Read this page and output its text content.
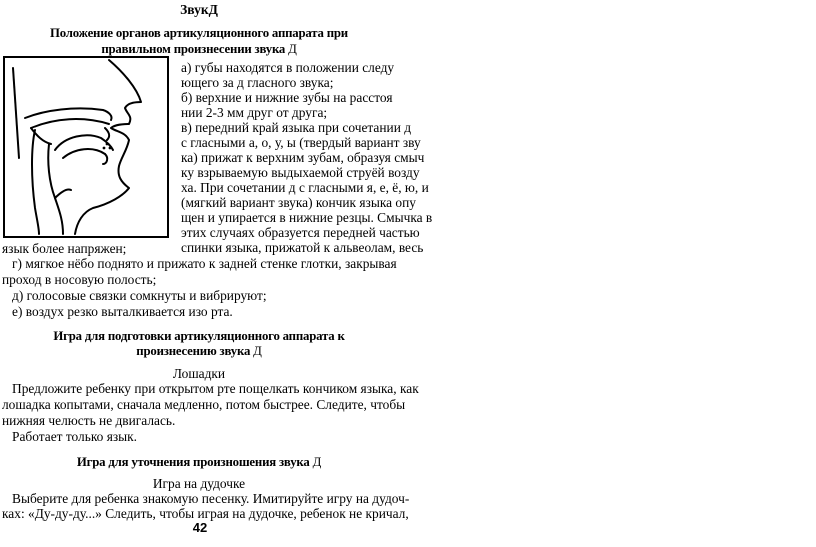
ЗвукД
Положение органов артикуляционного аппарата при
правильном произнесении звука Д
а) губы находятся в положении следу
ющего за д гласного звука;
б) верхние и нижние зубы на расстоя
нии 2-3 мм друг от друга;
в) передний край языка при сочетании д
с гласными а, о, у, ы (твердый вариант зву
ка) прижат к верхним зубам, образуя смыч
ку взрываемую выдыхаемой струёй возду
ха. При сочетании д с гласными я, е, ё, ю, и
(мягкий вариант звука) кончик языка опу
щен и упирается в нижние резцы. Смычка в
этих случаях образуется передней частью
спинки языка, прижатой к альвеолам, весь
язык более напряжен;
г) мягкое нёбо поднято и прижато к задней стенке глотки, закрывая
проход в носовую полость;
д) голосовые связки сомкнуты и вибрируют;
е) воздух резко выталкивается изо рта.
Игра для подготовки артикуляционного аппарата к
произнесению звука Д
Лошадки
Предложите ребенку при открытом рте пощелкать кончиком языка, как
лошадка копытами, сначала медленно, потом быстрее. Следите, чтобы
нижняя челюсть не двигалась.
Работает только язык.
Игра для уточнения произношения звука Д
Игра на дудочке
Выберите для ребенка знакомую песенку. Имитируйте игру на дудоч-
ках: «Ду-ду-ду...» Следить, чтобы играя на дудочке, ребенок не кричал,
42
